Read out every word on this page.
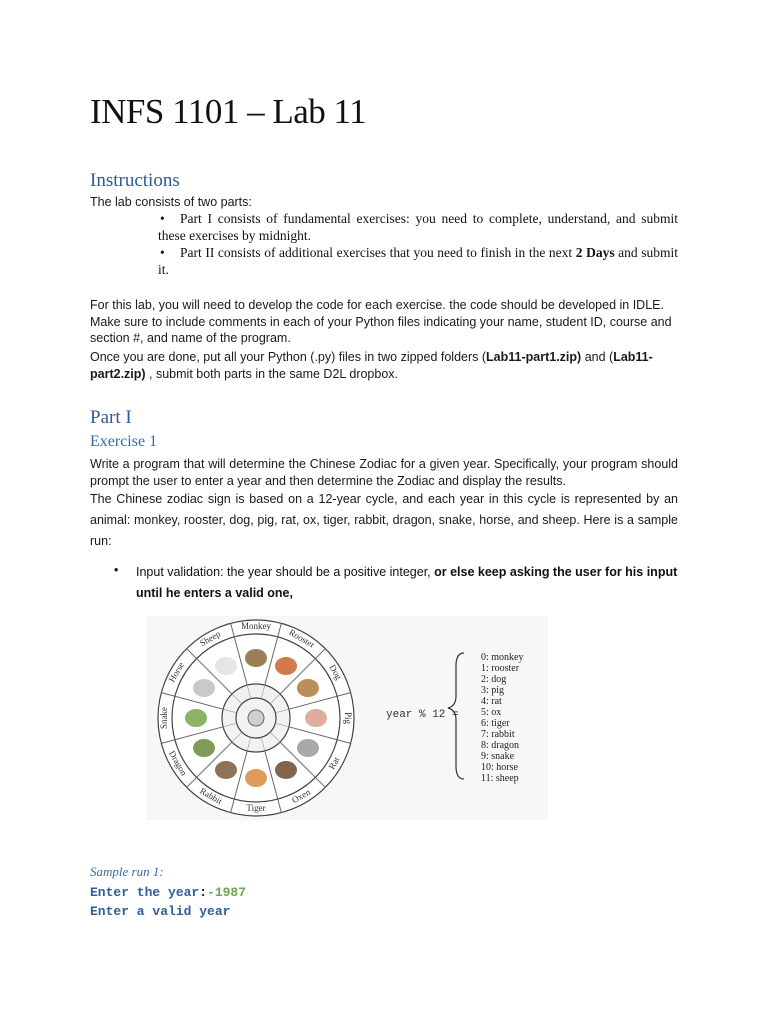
INFS 1101 – Lab 11
Instructions

The lab consists of two parts:

•	Part I consists of fundamental exercises: you need to complete, understand, and submit these exercises by midnight.

•	Part II consists of additional exercises that you need to finish in the next 2 Days and submit it.

For this lab, you will need to develop the code for each exercise. the code should be developed in IDLE. Make sure to include comments in each of your Python files indicating your name, student ID, course and section #, and name of the program.

Once you are done, put all your Python (.py) files in two zipped folders (Lab11-part1.zip) and (Lab11-part2.zip) , submit both parts in the same D2L dropbox.

Part I
Exercise 1

Write a program that will determine the Chinese Zodiac for a given year. Specifically, your program should prompt the user to enter a year and then determine the Zodiac and display the results.

The Chinese zodiac sign is based on a 12-year cycle, and each year in this cycle is represented by an animal: monkey, rooster, dog, pig, rat, ox, tiger, rabbit, dragon, snake, horse, and sheep. Here is a sample run:

• Input validation: the year should be a positive integer, or else keep asking the user for his input until he enters a valid one,

Monkey
Rooster
Dog
Pig
Rat
Oxen
Tiger
Rabbit
Dragon
Snake
Horse
Sheep
year % 12 =
0: monkey
1: rooster
2: dog
3: pig
4: rat
5: ox
6: tiger
7: rabbit
8: dragon
9: snake
10: horse
11: sheep

Sample run 1:

Enter the year:-1987

Enter a valid year
